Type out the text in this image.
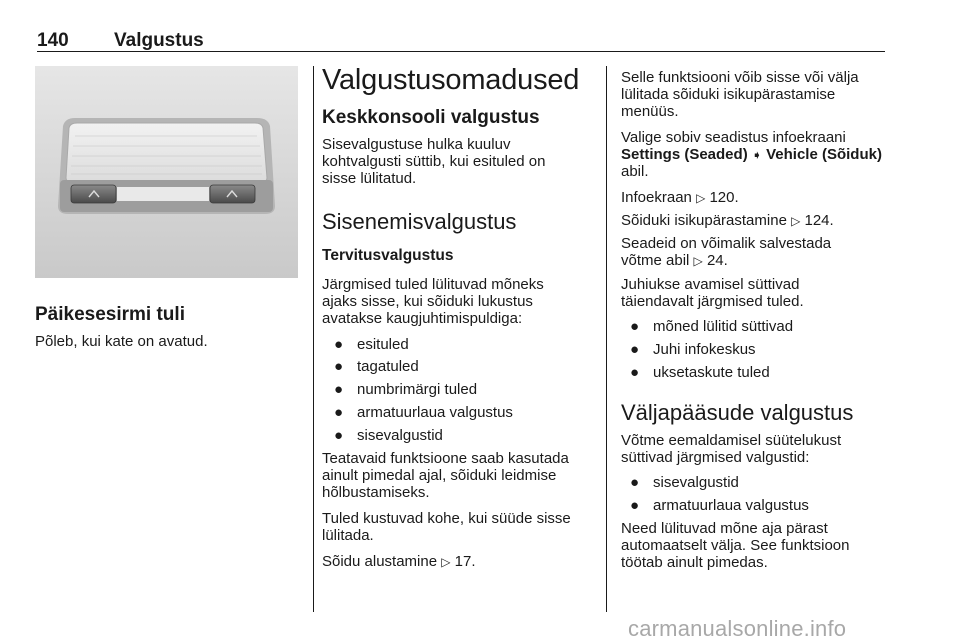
140 Valgustus
Päikesesirmi tuli
Põleb, kui kate on avatud.
Valgustusomadused
Keskkonsooli valgustus
Sisevalgustuse hulka kuuluv
kohtvalgusti süttib, kui esituled on
sisse lülitatud.
Sisenemisvalgustus
Tervitusvalgustus
Järgmised tuled lülituvad mõneks
ajaks sisse, kui sõiduki lukustus
avatakse kaugjuhtimispuldiga:
● esituled
● tagatuled
● numbrimärgi tuled
● armatuurlaua valgustus
● sisevalgustid
Teatavaid funktsioone saab kasutada
ainult pimedal ajal, sõiduki leidmise
hõlbustamiseks.
Tuled kustuvad kohe, kui süüde sisse
lülitada.
Sõidu alustamine ▷ 17.
Selle funktsiooni võib sisse või välja
lülitada sõiduki isikupärastamise
menüüs.
Valige sobiv seadistus infoekraani
Settings (Seaded) ➧ Vehicle (Sõiduk)
abil.
Infoekraan ▷ 120.
Sõiduki isikupärastamine ▷ 124.
Seadeid on võimalik salvestada
võtme abil ▷ 24.
Juhiukse avamisel süttivad
täiendavalt järgmised tuled.
● mõned lülitid süttivad
● Juhi infokeskus
● uksetaskute tuled
Väljapääsude valgustus
Võtme eemaldamisel süütelukust
süttivad järgmised valgustid:
● sisevalgustid
● armatuurlaua valgustus
Need lülituvad mõne aja pärast
automaatselt välja. See funktsioon
töötab ainult pimedas.
carmanualsonline.info
